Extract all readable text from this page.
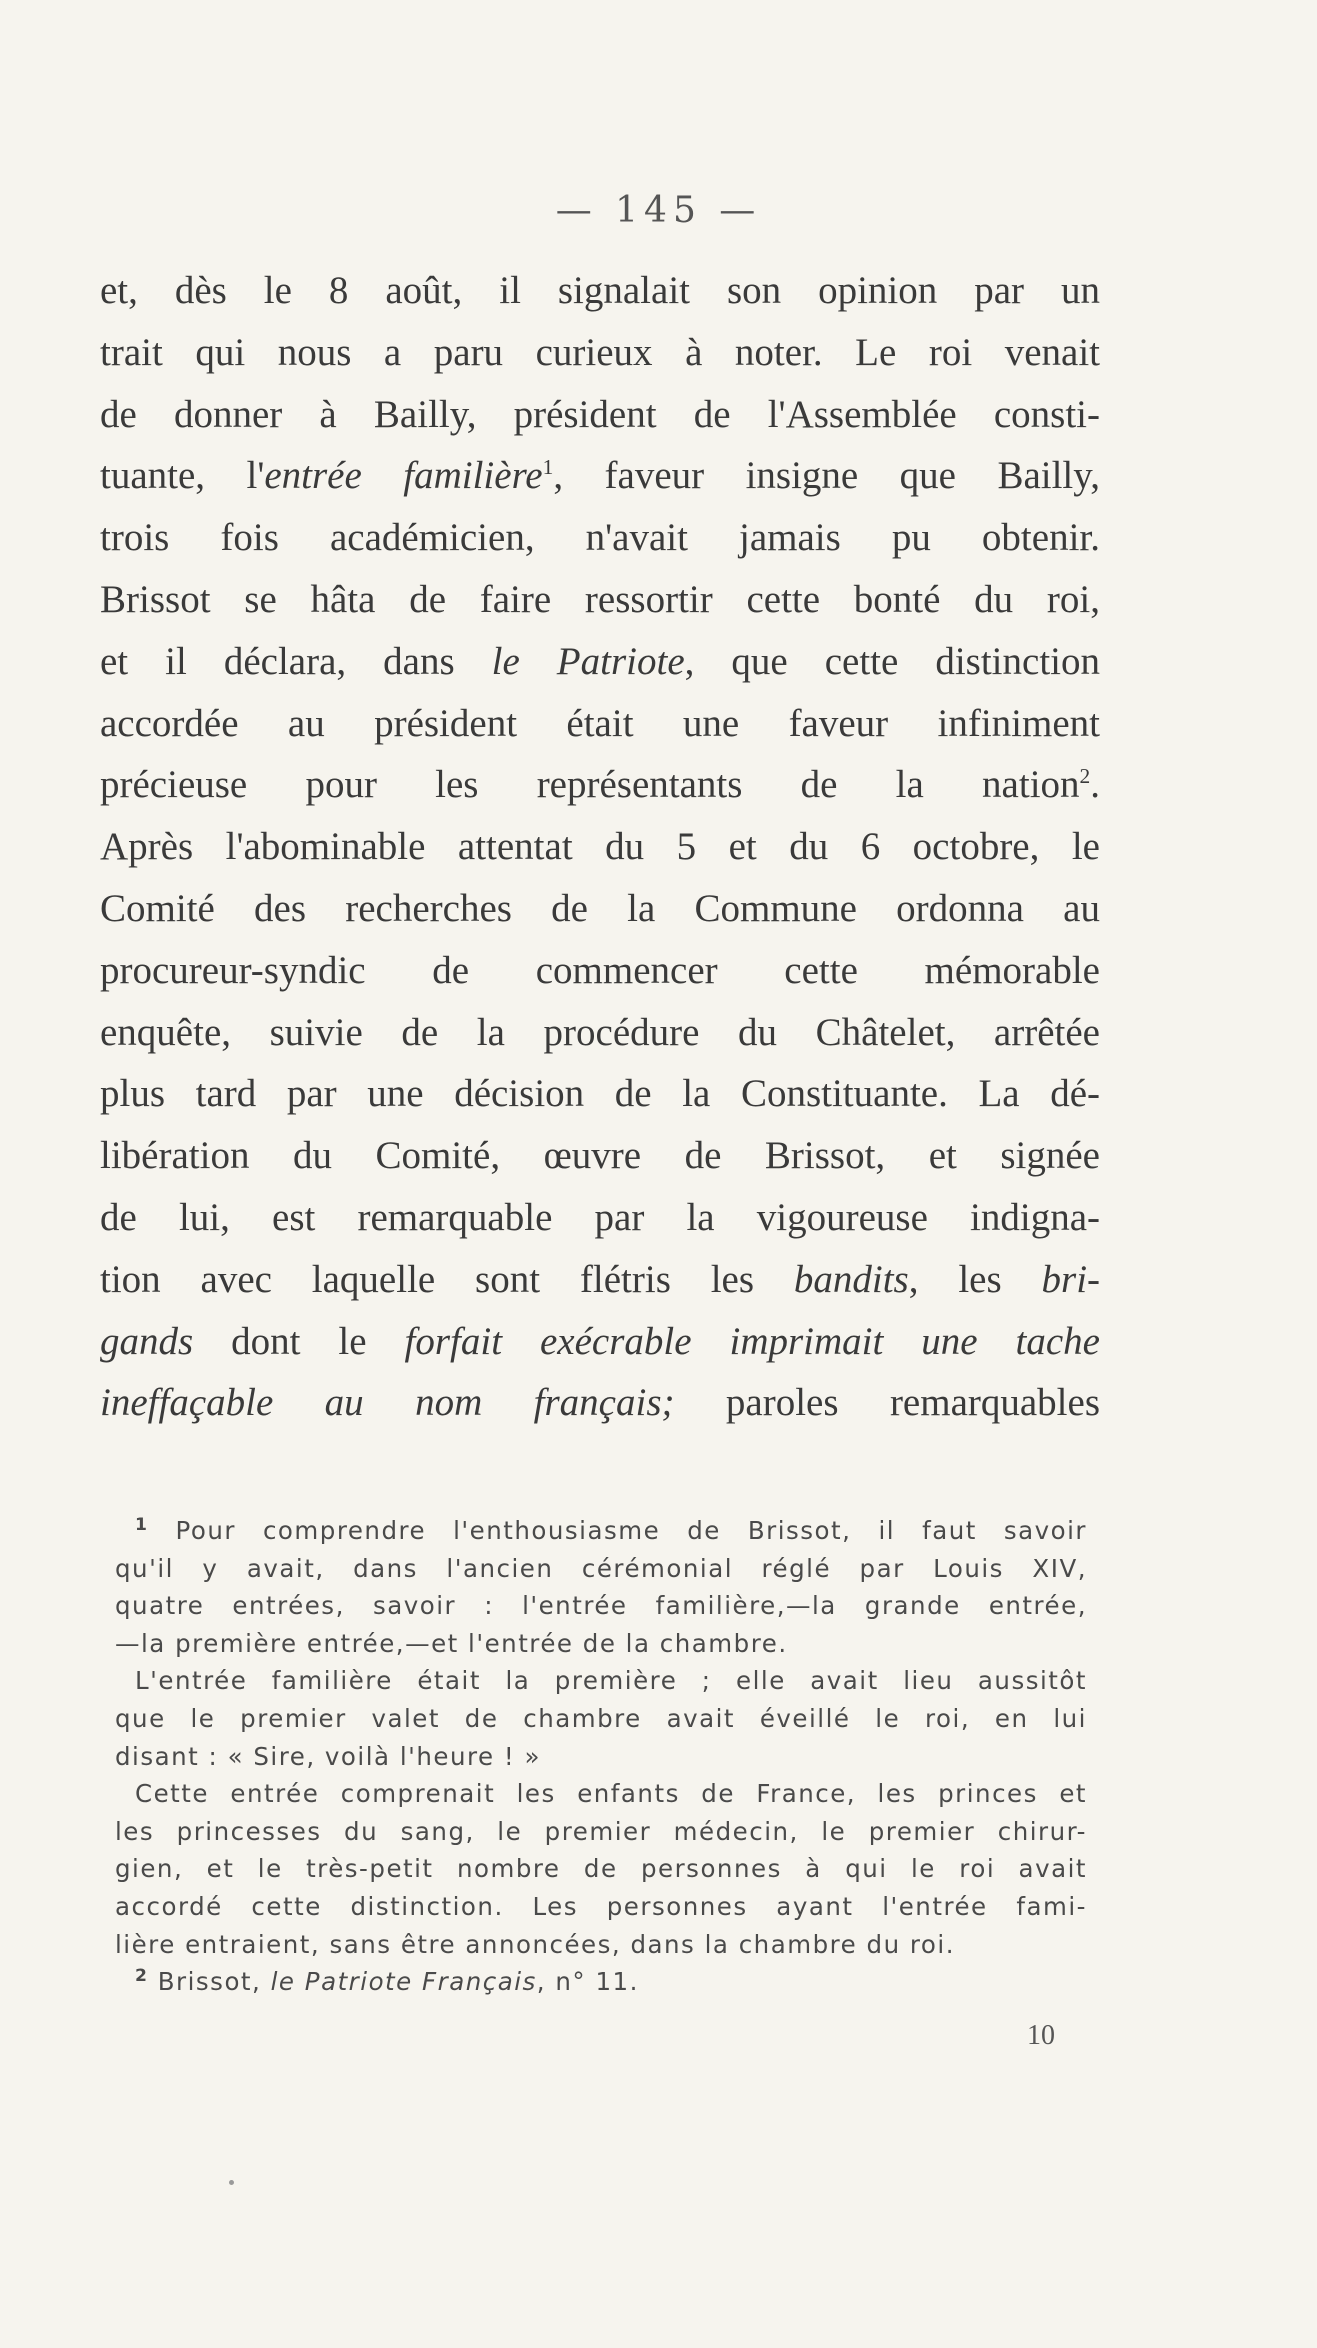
— 145 —
et, dès le 8 août, il signalait son opinion par un
trait qui nous a paru curieux à noter. Le roi venait
de donner à Bailly, président de l'Assemblée consti-
tuante, l'entrée familière$^1$, faveur insigne que Bailly,
trois fois académicien, n'avait jamais pu obtenir.
Brissot se hâta de faire ressortir cette bonté du roi,
et il déclara, dans le Patriote, que cette distinction
accordée au président était une faveur infiniment
précieuse pour les représentants de la nation$^2$.
Après l'abominable attentat du 5 et du 6 octobre, le
Comité des recherches de la Commune ordonna au
procureur-syndic de commencer cette mémorable
enquête, suivie de la procédure du Châtelet, arrêtée
plus tard par une décision de la Constituante. La dé-
libération du Comité, œuvre de Brissot, et signée
de lui, est remarquable par la vigoureuse indigna-
tion avec laquelle sont flétris les bandits, les bri-
gands dont le forfait exécrable imprimait une tache
ineffaçable au nom français; paroles remarquables
$^1$ Pour comprendre l'enthousiasme de Brissot, il faut savoir
qu'il y avait, dans l'ancien cérémonial réglé par Louis XIV,
quatre entrées, savoir : l'entrée familière,—la grande entrée,
—la première entrée,—et l'entrée de la chambre.
L'entrée familière était la première ; elle avait lieu aussitôt
que le premier valet de chambre avait éveillé le roi, en lui
disant : « Sire, voilà l'heure ! »
Cette entrée comprenait les enfants de France, les princes et
les princesses du sang, le premier médecin, le premier chirur-
gien, et le très-petit nombre de personnes à qui le roi avait
accordé cette distinction. Les personnes ayant l'entrée fami-
lière entraient, sans être annoncées, dans la chambre du roi.
$^2$ Brissot, le Patriote Français, n° 11.
10
